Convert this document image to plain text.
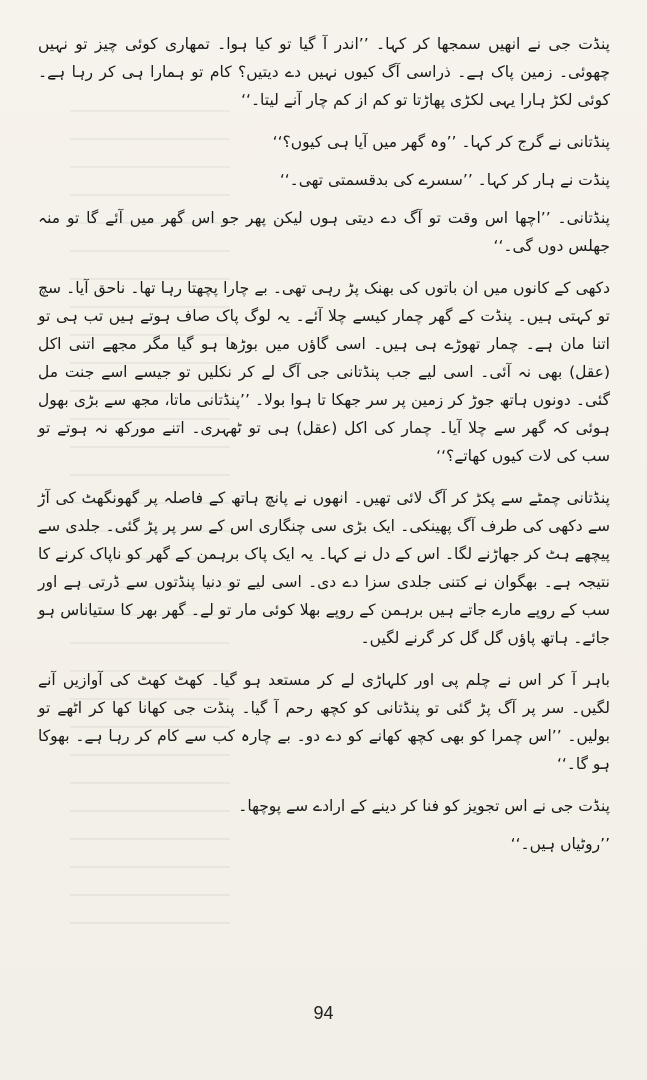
پنڈت جی نے انھیں سمجھا کر کہا۔ ’’اندر آ گیا تو کیا ہوا۔ تمھاری کوئی چیز تو نہیں چھوئی۔ زمین پاک ہے۔ ذراسی آگ کیوں نہیں دے دیتیں؟ کام تو ہمارا ہی کر رہا ہے۔ کوئی لکڑ ہارا یہی لکڑی پھاڑتا تو کم از کم چار آنے لیتا۔‘‘

پنڈتانی نے گرج کر کہا۔ ’’وہ گھر میں آیا ہی کیوں؟‘‘

پنڈت نے ہار کر کہا۔ ’’سسرے کی بدقسمتی تھی۔‘‘

پنڈتانی۔ ’’اچھا اس وقت تو آگ دے دیتی ہوں لیکن پھر جو اس گھر میں آئے گا تو منہ جھلس دوں گی۔‘‘

دکھی کے کانوں میں ان باتوں کی بھنک پڑ رہی تھی۔ بے چارا پچھتا رہا تھا۔ ناحق آیا۔ سچ تو کہتی ہیں۔ پنڈت کے گھر چمار کیسے چلا آئے۔ یہ لوگ پاک صاف ہوتے ہیں تب ہی تو اتنا مان ہے۔ چمار تھوڑے ہی ہیں۔ اسی گاؤں میں بوڑھا ہو گیا مگر مجھے اتنی اکل (عقل) بھی نہ آئی۔ اسی لیے جب پنڈتانی جی آگ لے کر نکلیں تو جیسے اسے جنت مل گئی۔ دونوں ہاتھ جوڑ کر زمین پر سر جھکا تا ہوا بولا۔ ’’پنڈتانی ماتا، مجھ سے بڑی بھول ہوئی کہ گھر سے چلا آیا۔ چمار کی اکل (عقل) ہی تو ٹھہری۔ اتنے مورکھ نہ ہوتے تو سب کی لات کیوں کھاتے؟‘‘

پنڈتانی چمٹے سے پکڑ کر آگ لائی تھیں۔ انھوں نے پانچ ہاتھ کے فاصلہ پر گھونگھٹ کی آڑ سے دکھی کی طرف آگ پھینکی۔ ایک بڑی سی چنگاری اس کے سر پر پڑ گئی۔ جلدی سے پیچھے ہٹ کر جھاڑنے لگا۔ اس کے دل نے کہا۔ یہ ایک پاک برہمن کے گھر کو ناپاک کرنے کا نتیجہ ہے۔ بھگوان نے کتنی جلدی سزا دے دی۔ اسی لیے تو دنیا پنڈتوں سے ڈرتی ہے اور سب کے روپے مارے جاتے ہیں برہمن کے روپے بھلا کوئی مار تو لے۔ گھر بھر کا ستیاناس ہو جائے۔ ہاتھ پاؤں گل گل کر گرنے لگیں۔

باہر آ کر اس نے چلم پی اور کلہاڑی لے کر مستعد ہو گیا۔ کھٹ کھٹ کی آوازیں آنے لگیں۔ سر پر آگ پڑ گئی تو پنڈتانی کو کچھ رحم آ گیا۔ پنڈت جی کھانا کھا کر اٹھے تو بولیں۔ ’’اس چمرا کو بھی کچھ کھانے کو دے دو۔ بے چارہ کب سے کام کر رہا ہے۔ بھوکا ہو گا۔‘‘

پنڈت جی نے اس تجویز کو فنا کر دینے کے ارادے سے پوچھا۔

’’روٹیاں ہیں۔‘‘

94
